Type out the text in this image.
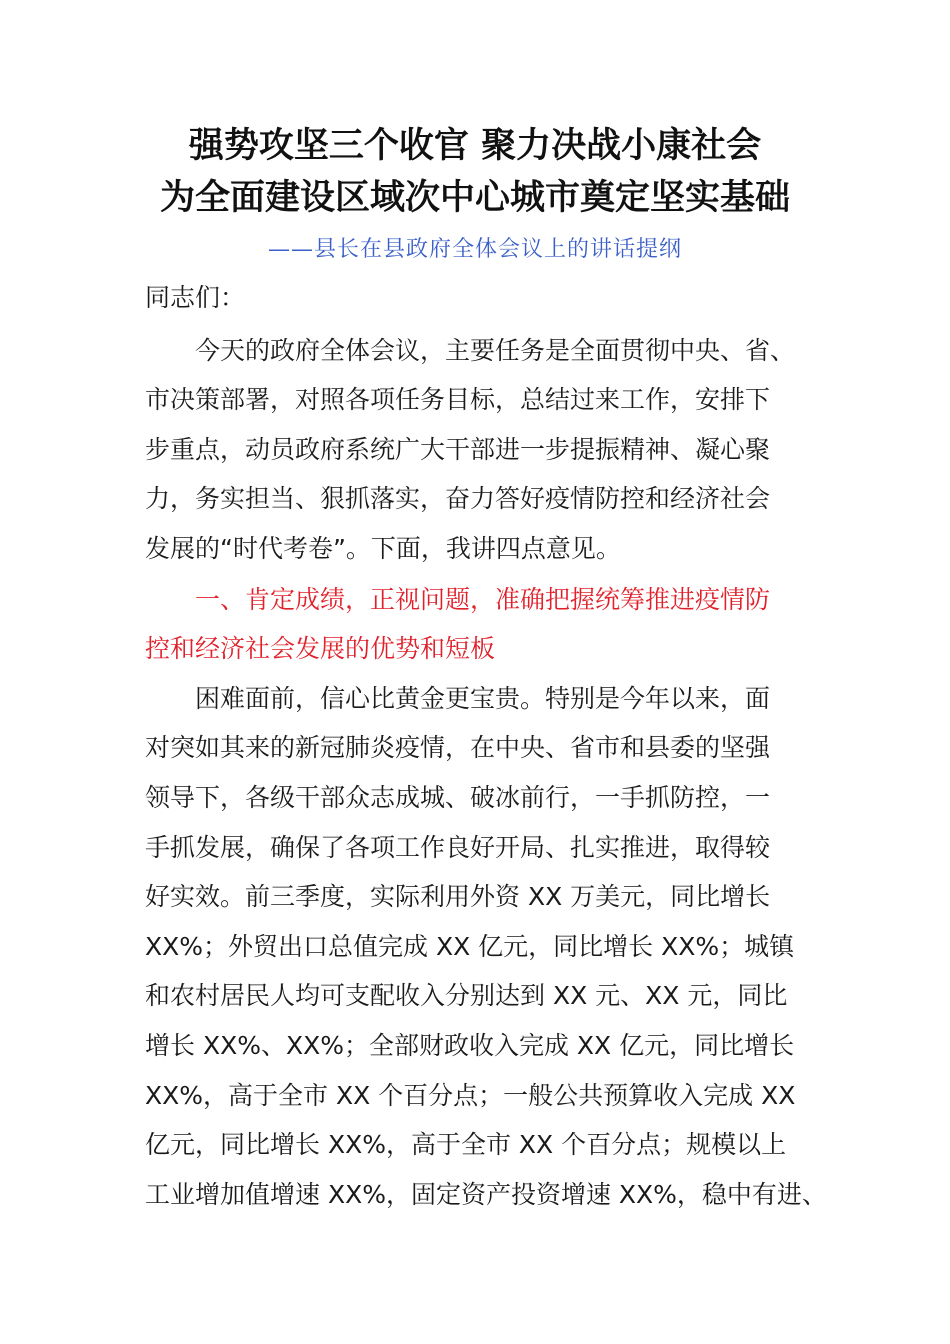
强势攻坚三个收官 聚力决战小康社会
为全面建设区域次中心城市奠定坚实基础
——县长在县政府全体会议上的讲话提纲
同志们：
今天的政府全体会议，主要任务是全面贯彻中央、省、
市决策部署，对照各项任务目标，总结过来工作，安排下
步重点，动员政府系统广大干部进一步提振精神、凝心聚
力，务实担当、狠抓落实，奋力答好疫情防控和经济社会
发展的“时代考卷”。下面，我讲四点意见。
一、肯定成绩，正视问题，准确把握统筹推进疫情防
控和经济社会发展的优势和短板
困难面前，信心比黄金更宝贵。特别是今年以来，面
对突如其来的新冠肺炎疫情，在中央、省市和县委的坚强
领导下，各级干部众志成城、破冰前行，一手抓防控，一
手抓发展，确保了各项工作良好开局、扎实推进，取得较
好实效。前三季度，实际利用外资 XX 万美元，同比增长
XX%；外贸出口总值完成 XX 亿元，同比增长 XX%；城镇
和农村居民人均可支配收入分别达到 XX 元、XX 元，同比
增长 XX%、XX%；全部财政收入完成 XX 亿元，同比增长
XX%，高于全市 XX 个百分点；一般公共预算收入完成 XX
亿元，同比增长 XX%，高于全市 XX 个百分点；规模以上
工业增加值增速 XX%，固定资产投资增速 XX%，稳中有进、
